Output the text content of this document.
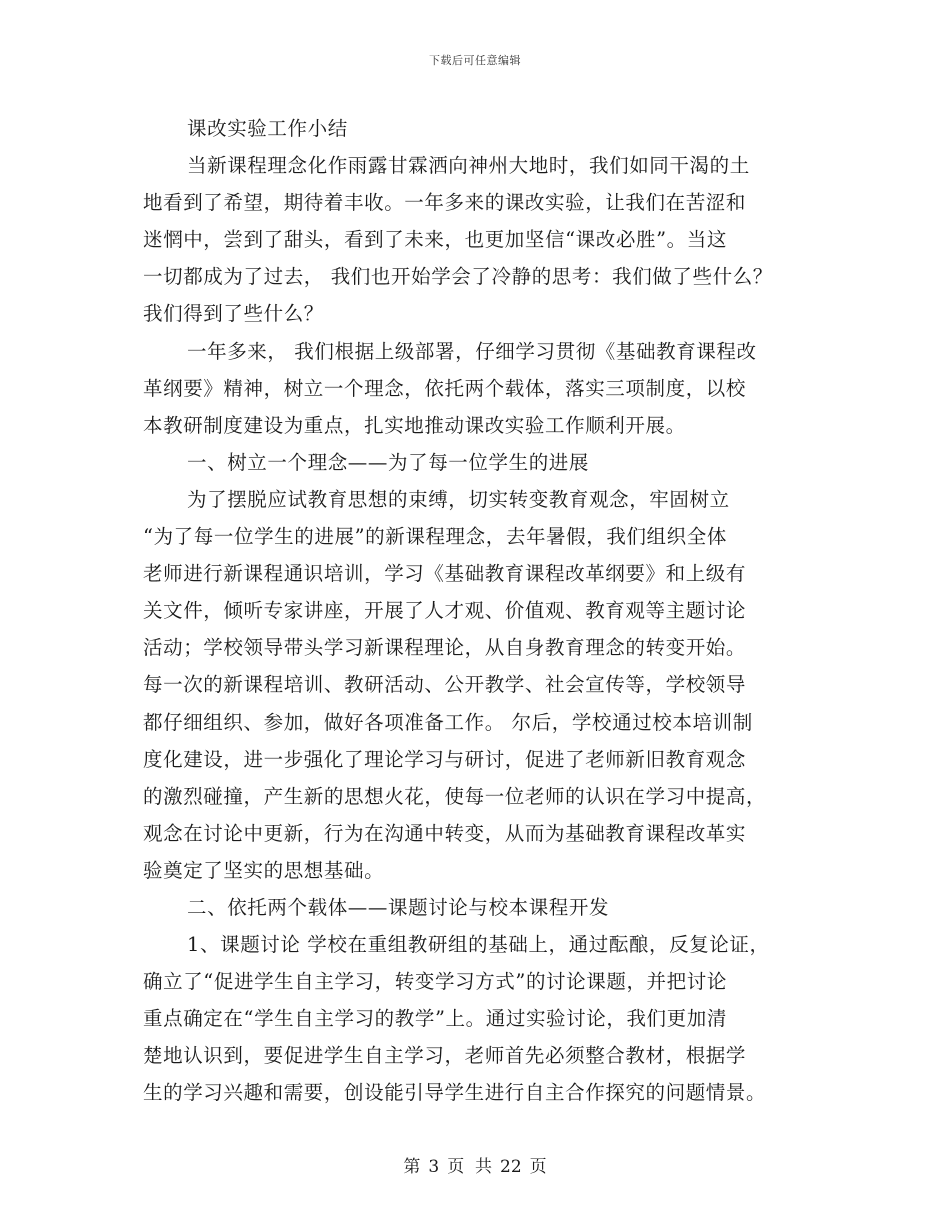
下载后可任意编辑
课改实验工作小结
当新课程理念化作雨露甘霖洒向神州大地时，我们如同干渴的土
地看到了希望，期待着丰收。一年多来的课改实验，让我们在苦涩和
迷惘中，尝到了甜头，看到了未来，也更加坚信“课改必胜”。当这
一切都成为了过去， 我们也开始学会了冷静的思考：我们做了些什么？
我们得到了些什么？
一年多来， 我们根据上级部署，仔细学习贯彻《基础教育课程改
革纲要》精神，树立一个理念，依托两个载体，落实三项制度，以校
本教研制度建设为重点，扎实地推动课改实验工作顺利开展。
一、树立一个理念——为了每一位学生的进展
为了摆脱应试教育思想的束缚，切实转变教育观念，牢固树立
“为了每一位学生的进展”的新课程理念，去年暑假，我们组织全体
老师进行新课程通识培训，学习《基础教育课程改革纲要》和上级有
关文件，倾听专家讲座，开展了人才观、价值观、教育观等主题讨论
活动；学校领导带头学习新课程理论，从自身教育理念的转变开始。
每一次的新课程培训、教研活动、公开教学、社会宣传等，学校领导
都仔细组织、参加，做好各项准备工作。 尔后，学校通过校本培训制
度化建设，进一步强化了理论学习与研讨，促进了老师新旧教育观念
的激烈碰撞，产生新的思想火花，使每一位老师的认识在学习中提高，
观念在讨论中更新，行为在沟通中转变，从而为基础教育课程改革实
验奠定了坚实的思想基础。
二、依托两个载体——课题讨论与校本课程开发
1、课题讨论 学校在重组教研组的基础上，通过酝酿，反复论证，
确立了“促进学生自主学习，转变学习方式”的讨论课题，并把讨论
重点确定在“学生自主学习的教学”上。通过实验讨论，我们更加清
楚地认识到，要促进学生自主学习，老师首先必须整合教材，根据学
生的学习兴趣和需要，创设能引导学生进行自主合作探究的问题情景。
第 3 页  共 22 页
